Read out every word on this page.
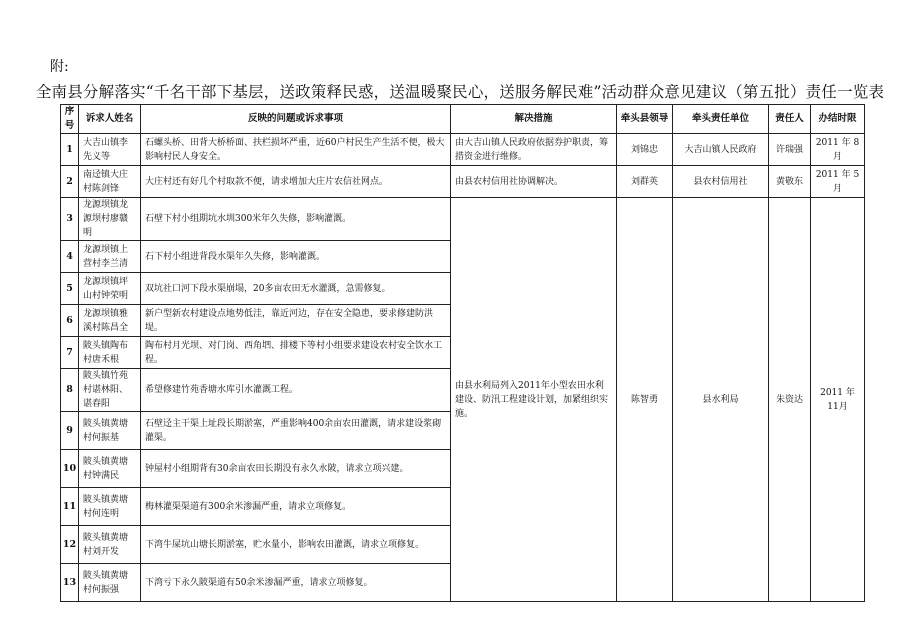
附:
全南县分解落实“千名干部下基层，送政策释民惑，送温暖聚民心，送服务解民难”活动群众意见建议（第五批）责任一览表
序号	诉求人姓名	反映的问题或诉求事项	解决措施	牵头县领导	牵头责任单位	责任人	办结时限
1	大吉山镇李先义等	石螺头桥、田背大桥桥面、扶栏损坏严重，近60户村民生产生活不便，极大影响村民人身安全。	由大吉山镇人民政府依据券护职责，筹措资金进行维修。	刘锦忠	大吉山镇人民政府	许瑞强	2011 年 8月
2	南迳镇大庄村陈剑锋	大庄村还有好几个村取款不便，请求增加大庄片农信社网点。	由县农村信用社协调解决。	刘群英	县农村信用社	黄敬东	2011 年 5月
3	龙源坝镇龙源坝村廖赣明	石壁下村小组期坑水圳300米年久失修，影响灌溉。	由县水利局列入2011年小型农田水利建设、防汛工程建设计划，加紧组织实施。	陈智勇	县水利局	朱资达	2011 年 11月
4	龙源坝镇上营村李兰清	石下村小组进背段水渠年久失修，影响灌溉。					
5	龙源坝镇坪山村钟荣明	双坑社口河下段水渠崩塌，20多亩农田无水灌溉，急需修复。					
6	龙源坝镇雅溪村陈昌全	新户型新农村建设点地势低洼，靠近河边，存在安全隐患，要求修建防洪堤。					
7	陂头镇陶布村唐禾根	陶布村月光坝、对门岗、西角垇、排楼下等村小组要求建设农村安全饮水工程。					
8	陂头镇竹苑村谌林阳、谌春阳	希望修建竹苑香塘水库引水灌溉工程。					
9	陂头镇黄塘村何振基	石壁迳主干渠上址段长期淤塞，严重影响400余亩农田灌溉，请求建设浆砌灌渠。					
10	陂头镇黄塘村钟满民	钟屋村小组期背有30余亩农田长期没有永久水陂，请求立项兴建。					
11	陂头镇黄塘村何连明	梅林灌渠渠道有300余米渗漏严重，请求立项修复。					
12	陂头镇黄塘村刘开发	下湾牛屎坑山塘长期淤塞，贮水量小，影响农田灌溉，请求立项修复。					
13	陂头镇黄塘村何振强	下湾亏下永久陂渠道有50余米渗漏严重，请求立项修复。					
